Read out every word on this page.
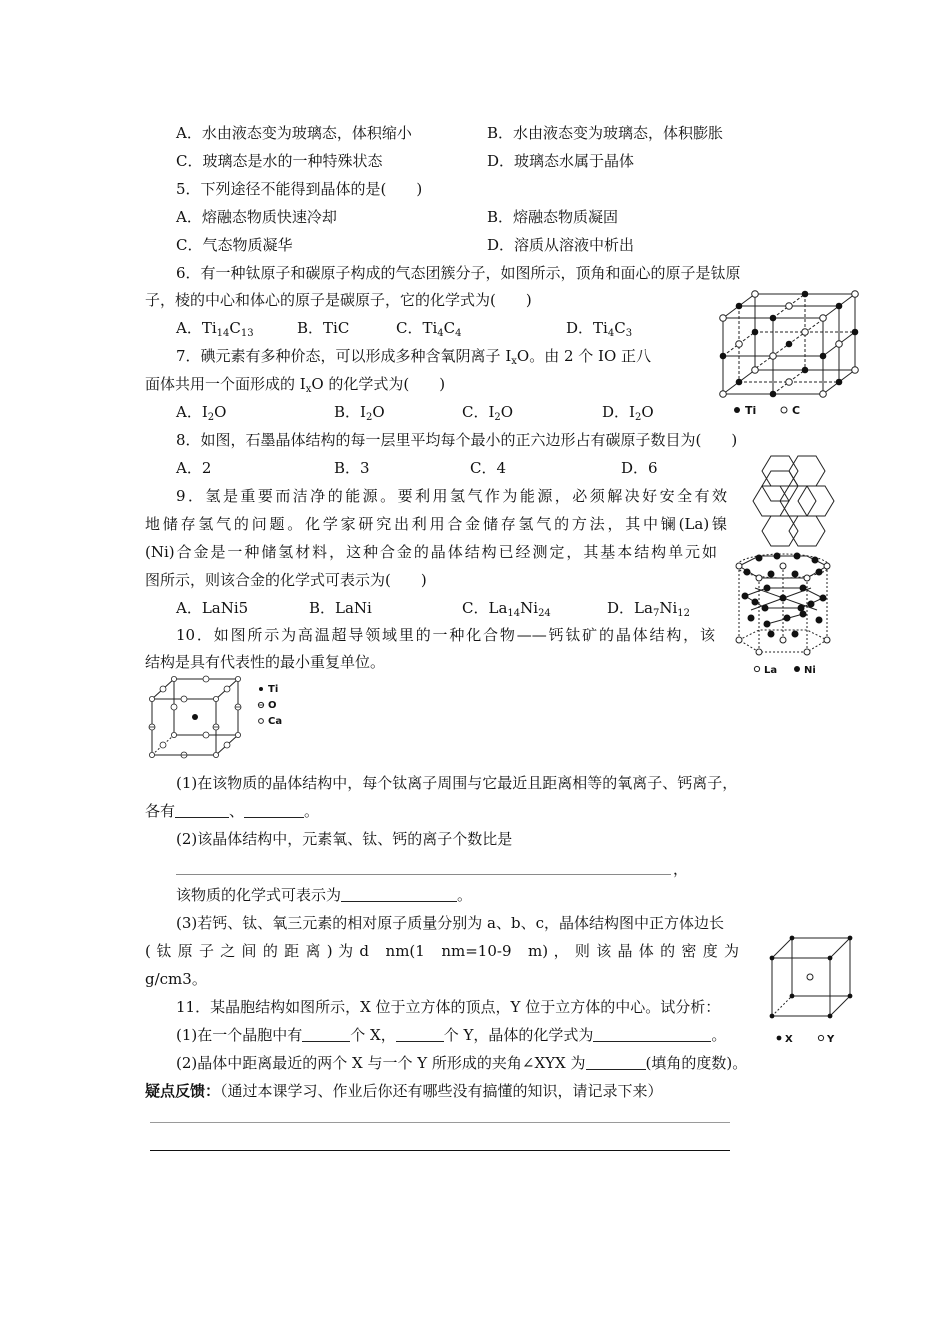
A．水由液态变为玻璃态，体积缩小	B．水由液态变为玻璃态，体积膨胀
C．玻璃态是水的一种特殊状态	D．玻璃态水属于晶体
5．下列途径不能得到晶体的是(　　)
A．熔融态物质快速冷却	B．熔融态物质凝固
C．气态物质凝华	D．溶质从溶液中析出
6．有一种钛原子和碳原子构成的气态团簇分子，如图所示，顶角和面心的原子是钛原
子，棱的中心和体心的原子是碳原子，它的化学式为(　　)
A．$Ti_{14}C_{13}$	B．TiC	C．$Ti_4C_4$	D．$Ti_4C_3$
Ti	C
7．碘元素有多种价态，可以形成多种含氧阴离子 $I_xO$。由 2 个 IO 正八
面体共用一个面形成的 $I_xO$ 的化学式为(　　)
A．$I_2O$	B．$I_2O$	C．$I_2O$	D．$I_2O$
8．如图，石墨晶体结构的每一层里平均每个最小的正六边形占有碳原子数目为(　　)
A．2	B．3	C．4	D．6
9．氢是重要而洁净的能源。要利用氢气作为能源，必须解决好安全有效
地储存氢气的问题。化学家研究出利用合金储存氢气的方法，其中镧(La)镍
(Ni)合金是一种储氢材料，这种合金的晶体结构已经测定，其基本结构单元如
图所示，则该合金的化学式可表示为(　　)
A．LaNi5	B．LaNi	C．$La_{14}Ni_{24}$	D．$La_7Ni_{12}$
La	Ni
10．如图所示为高温超导领域里的一种化合物——钙钛矿的晶体结构，该
结构是具有代表性的最小重复单位。
Ti
O
Ca
(1)在该物质的晶体结构中，每个钛离子周围与它最近且距离相等的氧离子、钙离子，
各有	、	。
(2)该晶体结构中，元素氧、钛、钙的离子个数比是
，
该物质的化学式可表示为	。
(3)若钙、钛、氧三元素的相对原子质量分别为 a、b、c，晶体结构图中正方体边长
( 钛 原 子 之 间 的 距 离 ) 为 d　nm(1　nm=10-9　m) ， 则 该 晶 体 的 密 度 为
g/cm3。
X	Y
11．某晶胞结构如图所示，X 位于立方体的顶点，Y 位于立方体的中心。试分析：
(1)在一个晶胞中有	个 X，	个 Y，晶体的化学式为	。
(2)晶体中距离最近的两个 X 与一个 Y 所形成的夹角∠XYX 为	(填角的度数)。
疑点反馈：（通过本课学习、作业后你还有哪些没有搞懂的知识，请记录下来）
